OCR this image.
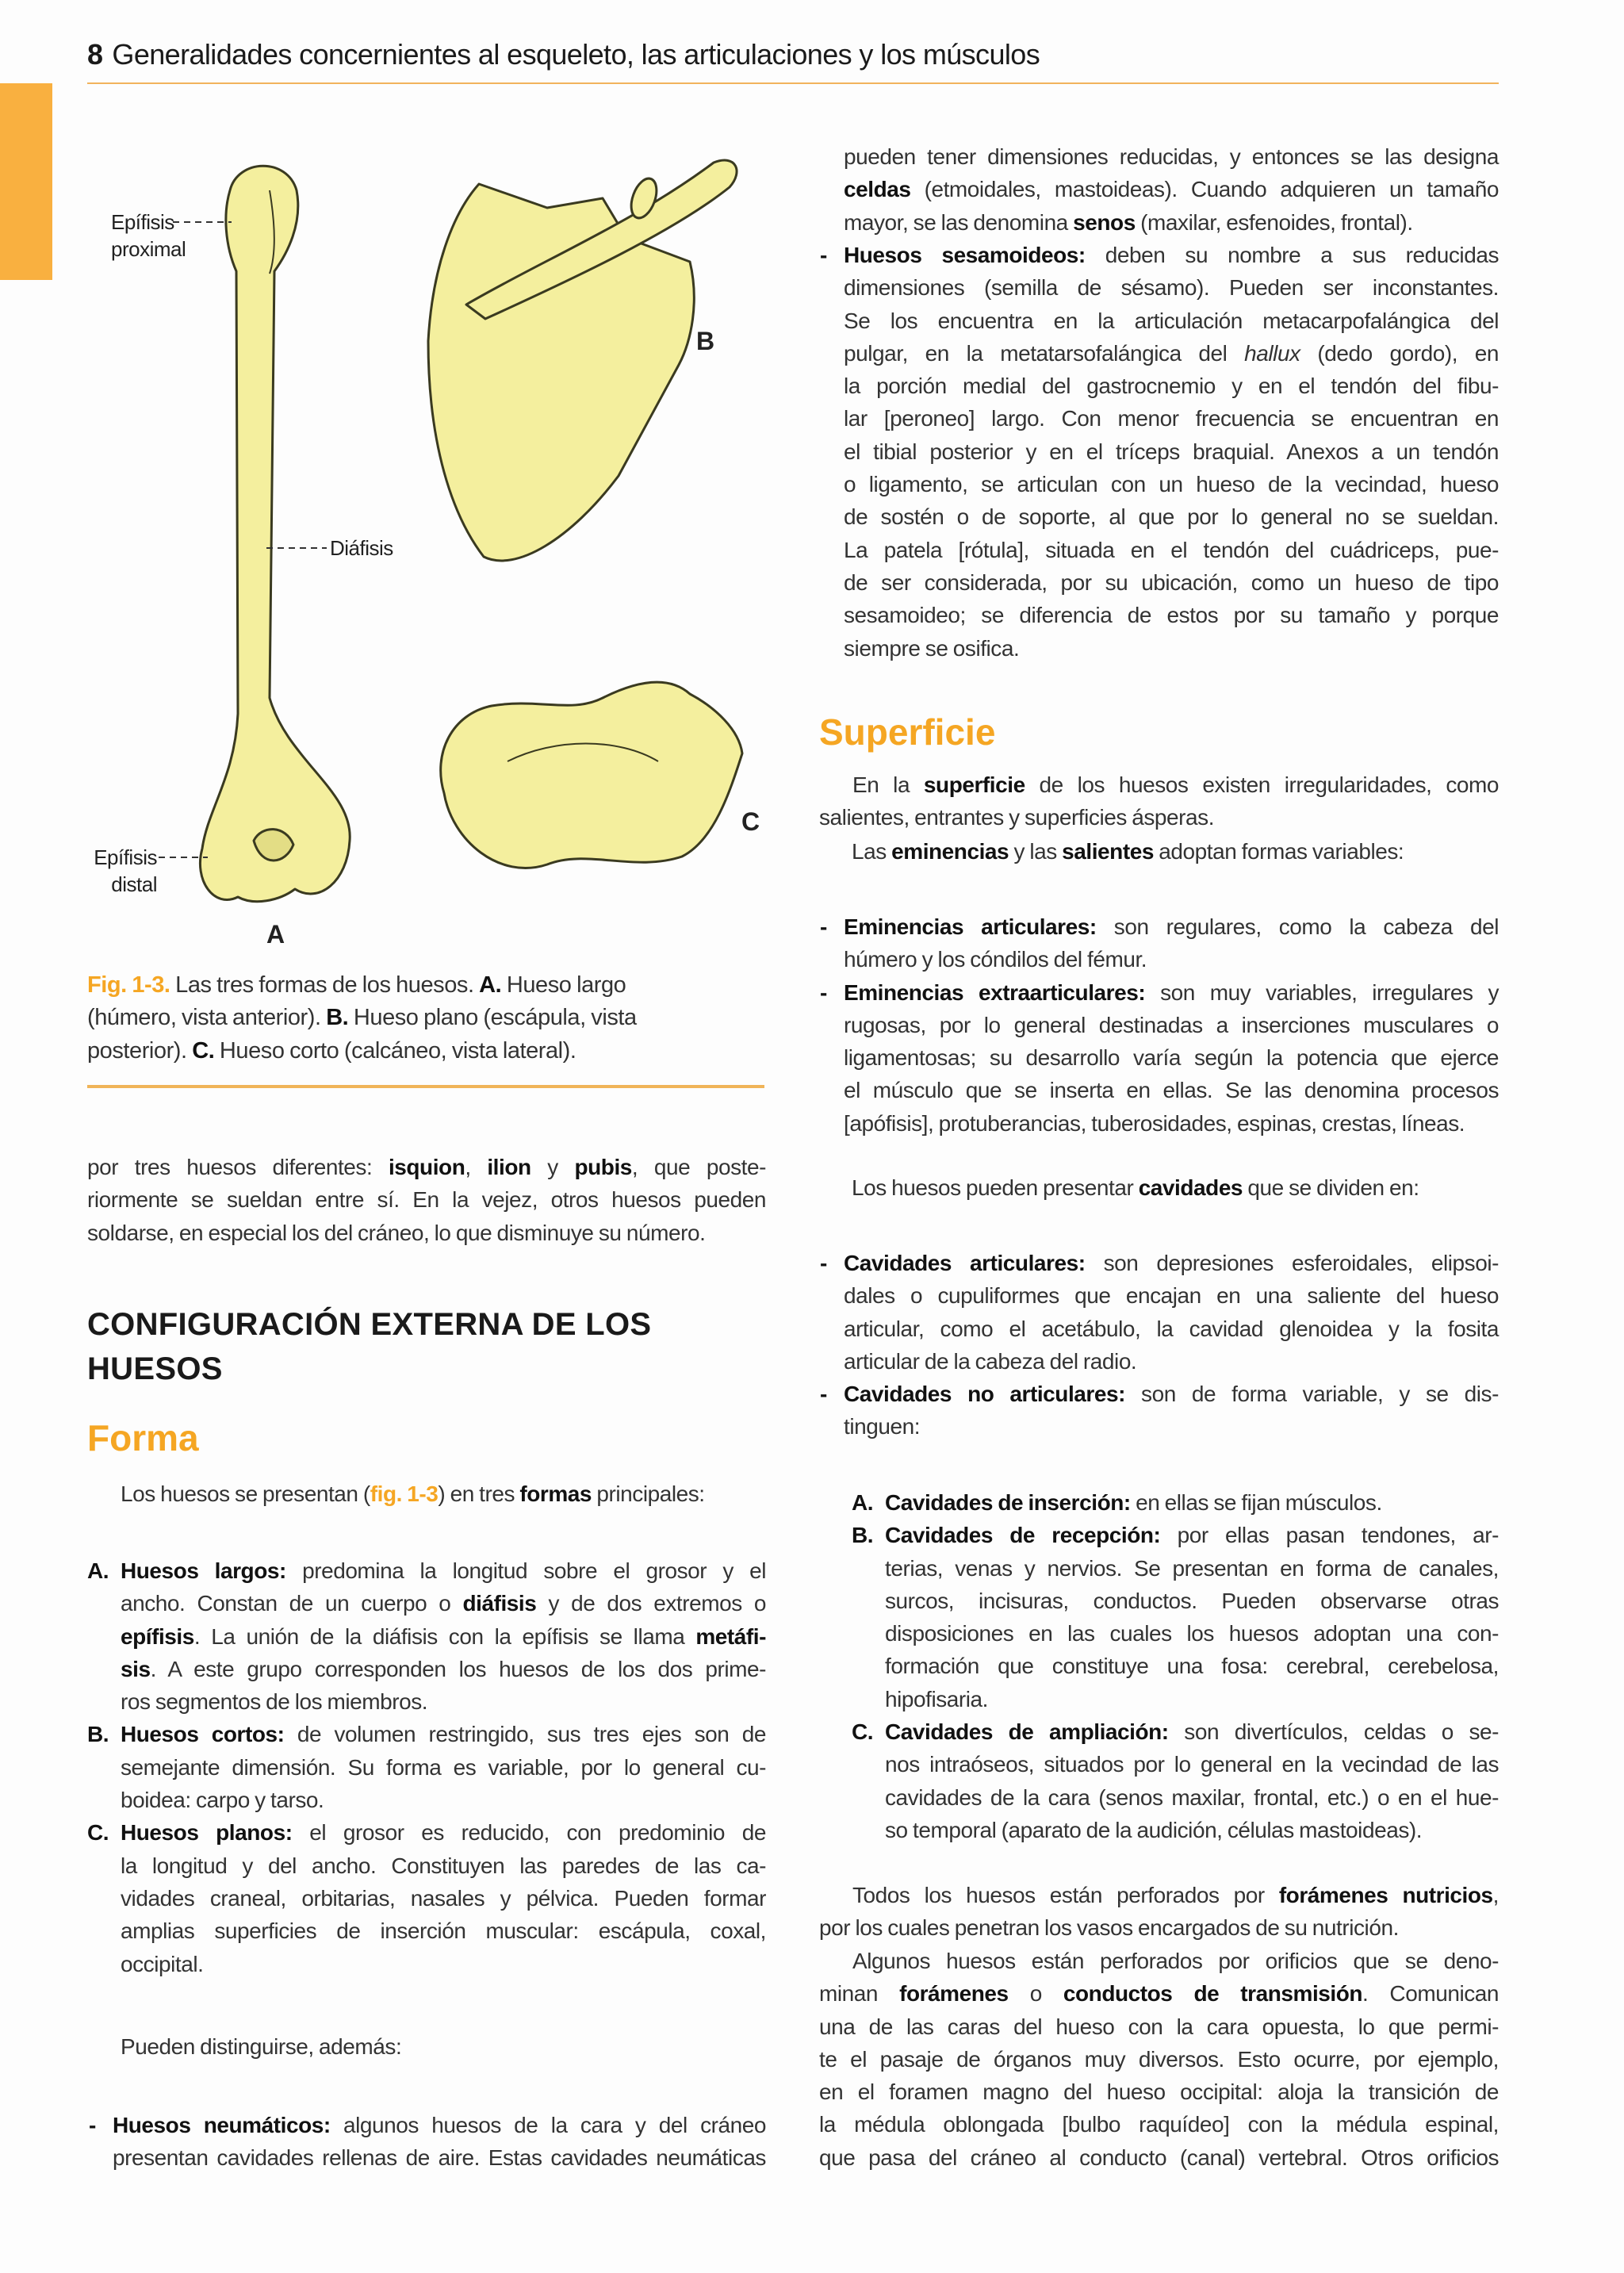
8 Generalidades concernientes al esqueleto, las articulaciones y los músculos
Epífisis
proximal
Diáfisis
Epífisis
distal
B
C
A
Fig. 1-3. Las tres formas de los huesos. A. Hueso largo
(húmero, vista anterior). B. Hueso plano (escápula, vista
posterior). C. Hueso corto (calcáneo, vista lateral).
por tres huesos diferentes: isquion, ilion y pubis, que poste-
riormente se sueldan entre sí. En la vejez, otros huesos pueden
soldarse, en especial los del cráneo, lo que disminuye su número.
CONFIGURACIÓN EXTERNA DE LOS
HUESOS
Forma
Los huesos se presentan (fig. 1-3) en tres formas principales:
A. Huesos largos: predomina la longitud sobre el grosor y el
ancho. Constan de un cuerpo o diáfisis y de dos extremos o
epífisis. La unión de la diáfisis con la epífisis se llama metáfi-
sis. A este grupo corresponden los huesos de los dos prime-
ros segmentos de los miembros.
B. Huesos cortos: de volumen restringido, sus tres ejes son de
semejante dimensión. Su forma es variable, por lo general cu-
boidea: carpo y tarso.
C. Huesos planos: el grosor es reducido, con predominio de
la longitud y del ancho. Constituyen las paredes de las ca-
vidades craneal, orbitarias, nasales y pélvica. Pueden formar
amplias superficies de inserción muscular: escápula, coxal,
occipital.
Pueden distinguirse, además:
- Huesos neumáticos: algunos huesos de la cara y del cráneo
presentan cavidades rellenas de aire. Estas cavidades neumáticas
pueden tener dimensiones reducidas, y entonces se las designa
celdas (etmoidales, mastoideas). Cuando adquieren un tamaño
mayor, se las denomina senos (maxilar, esfenoides, frontal).
- Huesos sesamoideos: deben su nombre a sus reducidas
dimensiones (semilla de sésamo). Pueden ser inconstantes.
Se los encuentra en la articulación metacarpofalángica del
pulgar, en la metatarsofalángica del hallux (dedo gordo), en
la porción medial del gastrocnemio y en el tendón del fibu-
lar [peroneo] largo. Con menor frecuencia se encuentran en
el tibial posterior y en el tríceps braquial. Anexos a un tendón
o ligamento, se articulan con un hueso de la vecindad, hueso
de sostén o de soporte, al que por lo general no se sueldan.
La patela [rótula], situada en el tendón del cuádriceps, pue-
de ser considerada, por su ubicación, como un hueso de tipo
sesamoideo; se diferencia de estos por su tamaño y porque
siempre se osifica.
Superficie
En la superficie de los huesos existen irregularidades, como
salientes, entrantes y superficies ásperas.
Las eminencias y las salientes adoptan formas variables:
- Eminencias articulares: son regulares, como la cabeza del
húmero y los cóndilos del fémur.
- Eminencias extraarticulares: son muy variables, irregulares y
rugosas, por lo general destinadas a inserciones musculares o
ligamentosas; su desarrollo varía según la potencia que ejerce
el músculo que se inserta en ellas. Se las denomina procesos
[apófisis], protuberancias, tuberosidades, espinas, crestas, líneas.
Los huesos pueden presentar cavidades que se dividen en:
- Cavidades articulares: son depresiones esferoidales, elipsoi-
dales o cupuliformes que encajan en una saliente del hueso
articular, como el acetábulo, la cavidad glenoidea y la fosita
articular de la cabeza del radio.
- Cavidades no articulares: son de forma variable, y se dis-
tinguen:
A. Cavidades de inserción: en ellas se fijan músculos.
B. Cavidades de recepción: por ellas pasan tendones, ar-
terias, venas y nervios. Se presentan en forma de canales,
surcos, incisuras, conductos. Pueden observarse otras
disposiciones en las cuales los huesos adoptan una con-
formación que constituye una fosa: cerebral, cerebelosa,
hipofisaria.
C. Cavidades de ampliación: son divertículos, celdas o se-
nos intraóseos, situados por lo general en la vecindad de las
cavidades de la cara (senos maxilar, frontal, etc.) o en el hue-
so temporal (aparato de la audición, células mastoideas).
Todos los huesos están perforados por forámenes nutricios,
por los cuales penetran los vasos encargados de su nutrición.
Algunos huesos están perforados por orificios que se deno-
minan forámenes o conductos de transmisión. Comunican
una de las caras del hueso con la cara opuesta, lo que permi-
te el pasaje de órganos muy diversos. Esto ocurre, por ejemplo,
en el foramen magno del hueso occipital: aloja la transición de
la médula oblongada [bulbo raquídeo] con la médula espinal,
que pasa del cráneo al conducto (canal) vertebral. Otros orificios
